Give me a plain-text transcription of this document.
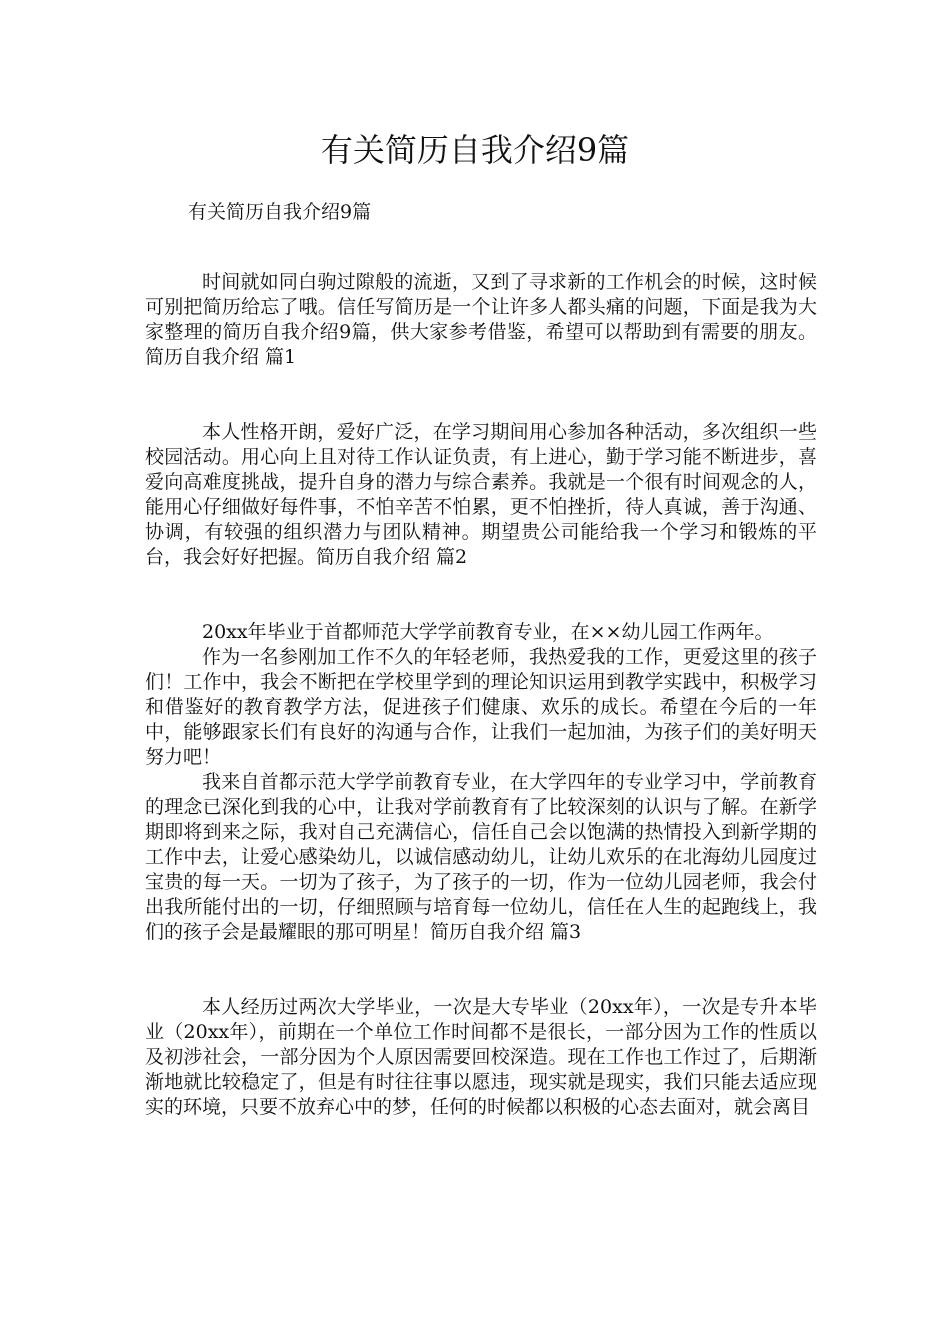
有关简历自我介绍9篇

有关简历自我介绍9篇

时间就如同白驹过隙般的流逝，又到了寻求新的工作机会的时候，这时候可别把简历给忘了哦。信任写简历是一个让许多人都头痛的问题，下面是我为大家整理的简历自我介绍9篇，供大家参考借鉴，希望可以帮助到有需要的朋友。简历自我介绍 篇1

本人性格开朗，爱好广泛，在学习期间用心参加各种活动，多次组织一些校园活动。用心向上且对待工作认证负责，有上进心，勤于学习能不断进步，喜爱向高难度挑战，提升自身的潜力与综合素养。我就是一个很有时间观念的人，能用心仔细做好每件事，不怕辛苦不怕累，更不怕挫折，待人真诚，善于沟通、协调，有较强的组织潜力与团队精神。期望贵公司能给我一个学习和锻炼的平台，我会好好把握。简历自我介绍 篇2

20xx年毕业于首都师范大学学前教育专业，在××幼儿园工作两年。

作为一名参刚加工作不久的年轻老师，我热爱我的工作，更爱这里的孩子们！工作中，我会不断把在学校里学到的理论知识运用到教学实践中，积极学习和借鉴好的教育教学方法，促进孩子们健康、欢乐的成长。希望在今后的一年中，能够跟家长们有良好的沟通与合作，让我们一起加油，为孩子们的美好明天努力吧！

我来自首都示范大学学前教育专业，在大学四年的专业学习中，学前教育的理念已深化到我的心中，让我对学前教育有了比较深刻的认识与了解。在新学期即将到来之际，我对自己充满信心，信任自己会以饱满的热情投入到新学期的工作中去，让爱心感染幼儿，以诚信感动幼儿，让幼儿欢乐的在北海幼儿园度过宝贵的每一天。一切为了孩子，为了孩子的一切，作为一位幼儿园老师，我会付出我所能付出的一切，仔细照顾与培育每一位幼儿，信任在人生的起跑线上，我们的孩子会是最耀眼的那可明星！简历自我介绍 篇3

本人经历过两次大学毕业，一次是大专毕业（20xx年），一次是专升本毕业（20xx年），前期在一个单位工作时间都不是很长，一部分因为工作的性质以及初涉社会，一部分因为个人原因需要回校深造。现在工作也工作过了，后期渐渐地就比较稳定了，但是有时往往事以愿违，现实就是现实，我们只能去适应现实的环境，只要不放弃心中的梦，任何的时候都以积极的心态去面对，就会离目
